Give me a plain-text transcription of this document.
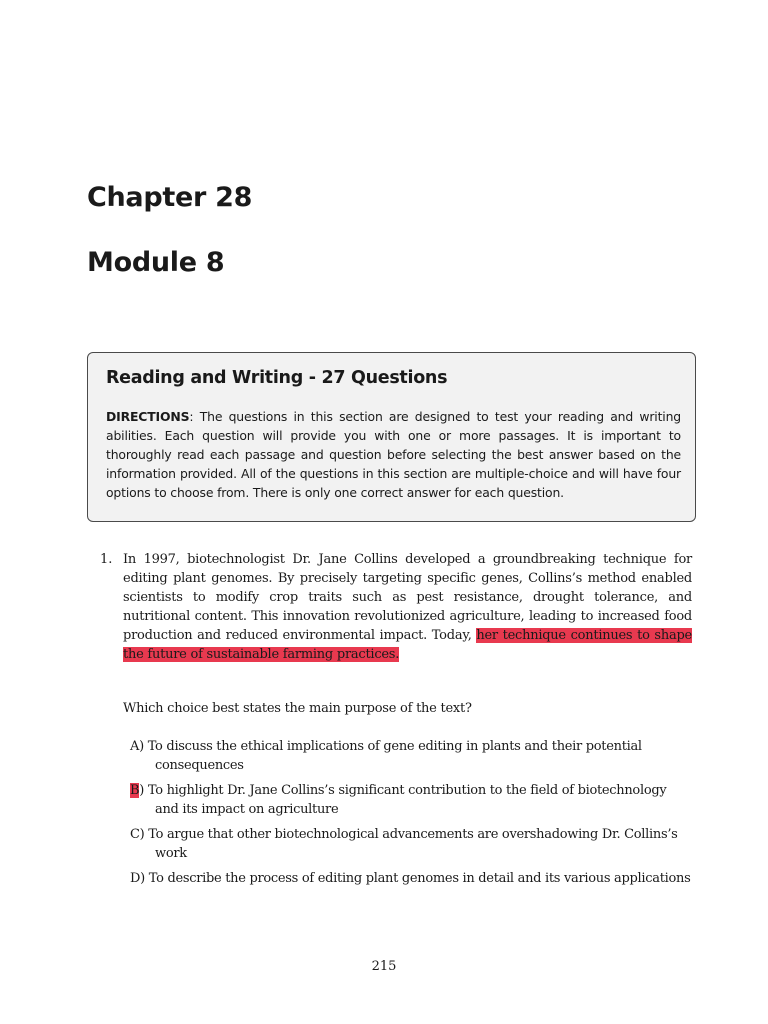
Chapter 28
Module 8
Reading and Writing - 27 Questions

DIRECTIONS: The questions in this section are designed to test your reading and writing abilities. Each question will provide you with one or more passages. It is important to thoroughly read each passage and question before selecting the best answer based on the information provided. All of the questions in this section are multiple-choice and will have four options to choose from. There is only one correct answer for each question.

1. In 1997, biotechnologist Dr. Jane Collins developed a groundbreaking technique for editing plant genomes. By precisely targeting specific genes, Collins’s method enabled scientists to modify crop traits such as pest resistance, drought tolerance, and nutritional content. This innovation revolutionized agriculture, leading to increased food production and reduced environmental impact. Today, her technique continues to shape the future of sustainable farming practices.

Which choice best states the main purpose of the text?

A) To discuss the ethical implications of gene editing in plants and their potential consequences
B) To highlight Dr. Jane Collins’s significant contribution to the field of biotechnology and its impact on agriculture
C) To argue that other biotechnological advancements are overshadowing Dr. Collins’s work
D) To describe the process of editing plant genomes in detail and its various applications

215
